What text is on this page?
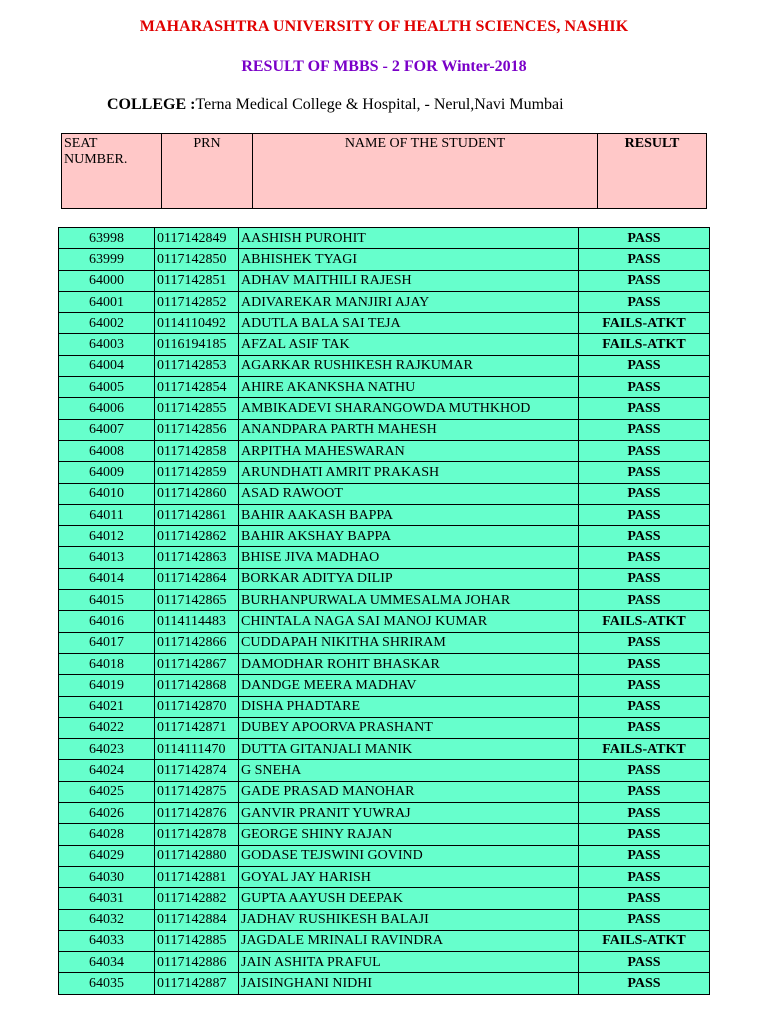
MAHARASHTRA UNIVERSITY OF HEALTH SCIENCES, NASHIK
RESULT OF MBBS - 2 FOR Winter-2018
COLLEGE :Terna Medical College & Hospital, - Nerul,Navi Mumbai
SEAT NUMBER.	PRN	NAME OF THE STUDENT	RESULT
63998	0117142849	AASHISH PUROHIT	PASS
63999	0117142850	ABHISHEK TYAGI	PASS
64000	0117142851	ADHAV MAITHILI RAJESH	PASS
64001	0117142852	ADIVAREKAR MANJIRI AJAY	PASS
64002	0114110492	ADUTLA BALA SAI TEJA	FAILS-ATKT
64003	0116194185	AFZAL ASIF TAK	FAILS-ATKT
64004	0117142853	AGARKAR RUSHIKESH RAJKUMAR	PASS
64005	0117142854	AHIRE AKANKSHA NATHU	PASS
64006	0117142855	AMBIKADEVI SHARANGOWDA MUTHKHOD	PASS
64007	0117142856	ANANDPARA PARTH MAHESH	PASS
64008	0117142858	ARPITHA MAHESWARAN	PASS
64009	0117142859	ARUNDHATI AMRIT PRAKASH	PASS
64010	0117142860	ASAD RAWOOT	PASS
64011	0117142861	BAHIR AAKASH BAPPA	PASS
64012	0117142862	BAHIR AKSHAY BAPPA	PASS
64013	0117142863	BHISE JIVA MADHAO	PASS
64014	0117142864	BORKAR ADITYA DILIP	PASS
64015	0117142865	BURHANPURWALA UMMESALMA JOHAR	PASS
64016	0114114483	CHINTALA NAGA SAI MANOJ KUMAR	FAILS-ATKT
64017	0117142866	CUDDAPAH NIKITHA SHRIRAM	PASS
64018	0117142867	DAMODHAR ROHIT BHASKAR	PASS
64019	0117142868	DANDGE MEERA MADHAV	PASS
64021	0117142870	DISHA PHADTARE	PASS
64022	0117142871	DUBEY APOORVA PRASHANT	PASS
64023	0114111470	DUTTA GITANJALI MANIK	FAILS-ATKT
64024	0117142874	G SNEHA	PASS
64025	0117142875	GADE PRASAD MANOHAR	PASS
64026	0117142876	GANVIR PRANIT YUWRAJ	PASS
64028	0117142878	GEORGE SHINY RAJAN	PASS
64029	0117142880	GODASE TEJSWINI GOVIND	PASS
64030	0117142881	GOYAL JAY HARISH	PASS
64031	0117142882	GUPTA AAYUSH DEEPAK	PASS
64032	0117142884	JADHAV RUSHIKESH BALAJI	PASS
64033	0117142885	JAGDALE MRINALI RAVINDRA	FAILS-ATKT
64034	0117142886	JAIN ASHITA PRAFUL	PASS
64035	0117142887	JAISINGHANI NIDHI	PASS
